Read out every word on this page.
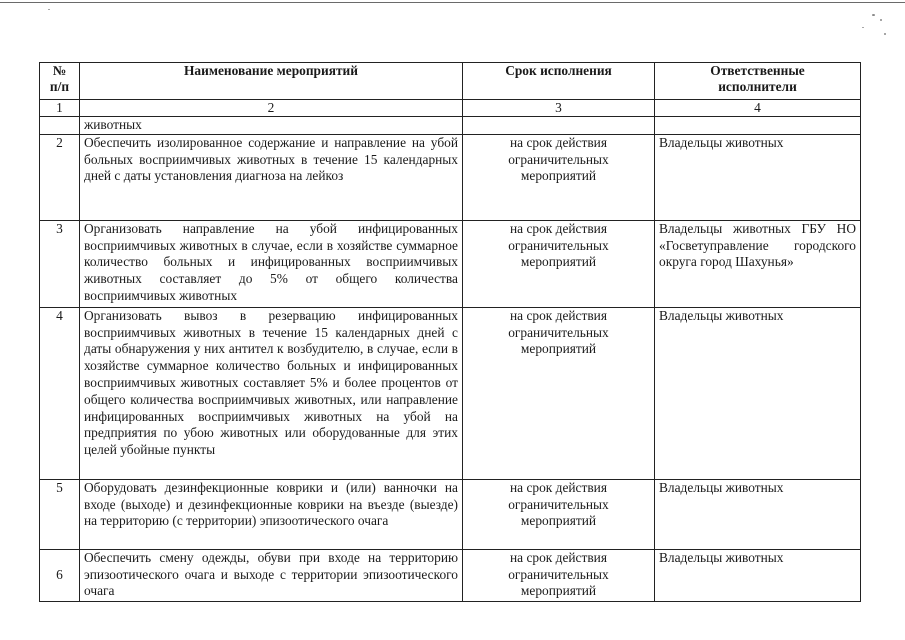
№ п/п	Наименование мероприятий	Срок исполнения	Ответственные исполнители
1	2	3	4
	животных		
2	Обеспечить изолированное содержание и направление на убой больных восприимчивых животных в течение 15 календарных дней с даты установления диагноза на лейкоз	на срок действия ограничительных мероприятий	Владельцы животных
3	Организовать направление на убой инфицированных восприимчивых животных в случае, если в хозяйстве суммарное количество больных и инфицированных восприимчивых животных составляет до 5% от общего количества восприимчивых животных	на срок действия ограничительных мероприятий	Владельцы животных ГБУ НО «Госветуправление городского округа город Шахунья»
4	Организовать вывоз в резервацию инфицированных восприимчивых животных в течение 15 календарных дней с даты обнаружения у них антител к возбудителю, в случае, если в хозяйстве суммарное количество больных и инфицированных восприимчивых животных составляет 5% и более процентов от общего количества восприимчивых животных, или направление инфицированных восприимчивых животных на убой на предприятия по убою животных или оборудованные для этих целей убойные пункты	на срок действия ограничительных мероприятий	Владельцы животных
5	Оборудовать дезинфекционные коврики и (или) ванночки на входе (выходе) и дезинфекционные коврики на въезде (выезде) на территорию (с территории) эпизоотического очага	на срок действия ограничительных мероприятий	Владельцы животных
6	Обеспечить смену одежды, обуви при входе на территорию эпизоотического очага и выходе с территории эпизоотического очага	на срок действия ограничительных мероприятий	Владельцы животных
